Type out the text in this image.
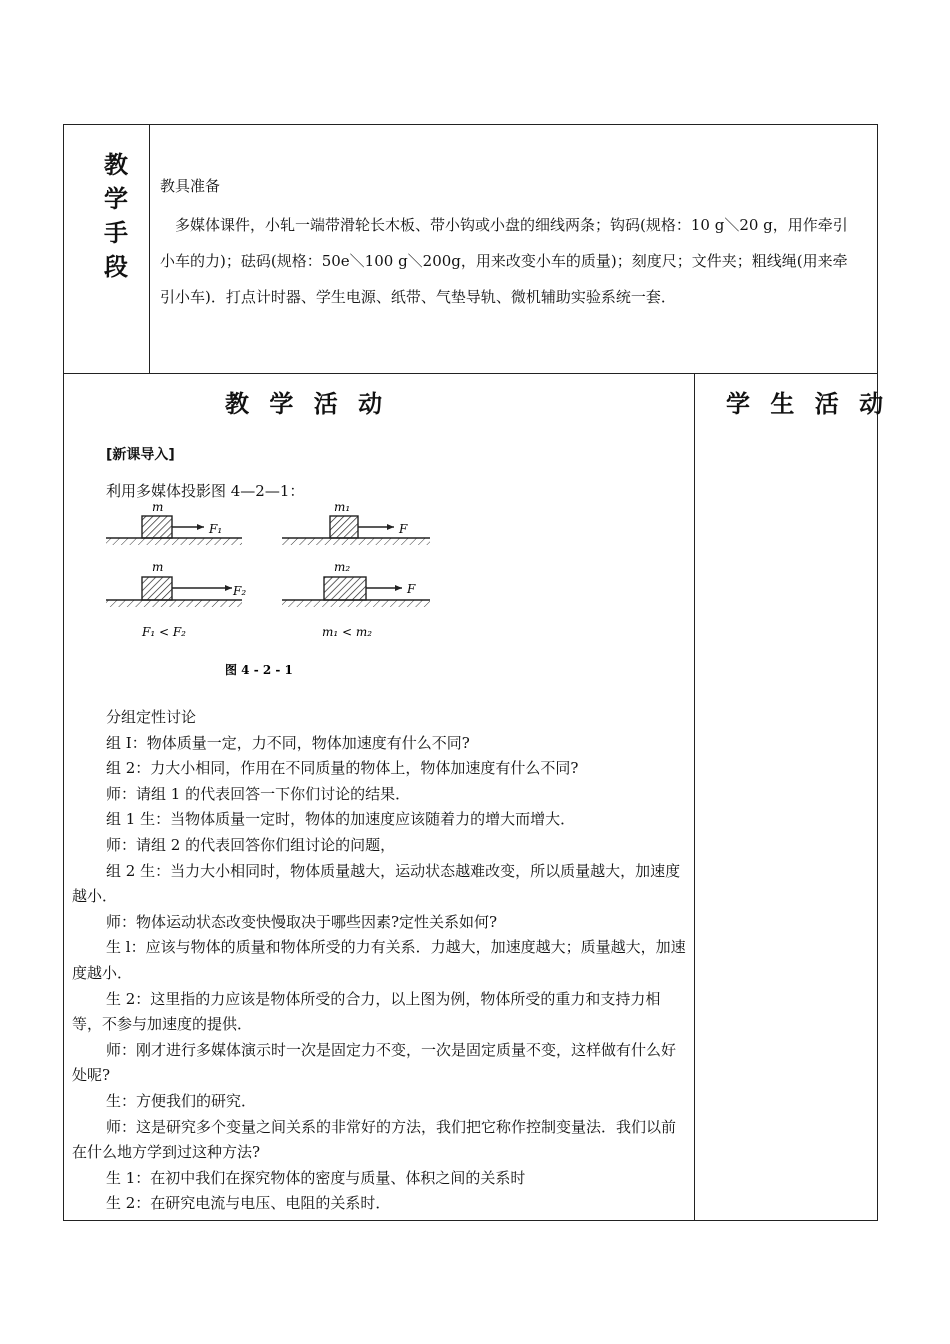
教
学
手
段
教具准备
多媒体课件，小轧一端带滑轮长木板、带小钩或小盘的细线两条；钩码(规格：10 g＼20 g，用作牵引小车的力)；砝码(规格：50e＼100 g＼200g，用来改变小车的质量)；刻度尺；文件夹；粗线绳(用来牵引小车)．打点计时器、学生电源、纸带、气垫导轨、微机辅助实验系统一套．
教 学 活 动	学 生 活 动
[新课导入]
利用多媒体投影图 4—2—1：
m
F₁
m₁
F
m
F₂
m₂
F
F₁ < F₂	m₁ < m₂
图 4 - 2 - 1

分组定性讨论

组 I：物体质量一定，力不同，物体加速度有什么不同?

组 2：力大小相同，作用在不同质量的物体上，物体加速度有什么不同?

师：请组 1 的代表回答一下你们讨论的结果．

组 1 生：当物体质量一定时，物体的加速度应该随着力的增大而增大．

师：请组 2 的代表回答你们组讨论的问题，

组 2 生：当力大小相同时，物体质量越大，运动状态越难改变，所以质量越大，加速度越小．

师：物体运动状态改变快慢取决于哪些因素?定性关系如何?

生 l：应该与物体的质量和物体所受的力有关系．力越大，加速度越大；质量越大，加速度越小．

生 2：这里指的力应该是物体所受的合力，以上图为例，物体所受的重力和支持力相等，不参与加速度的提供．

师：刚才进行多媒体演示时一次是固定力不变，一次是固定质量不变，这样做有什么好处呢?

生：方便我们的研究．

师：这是研究多个变量之间关系的非常好的方法，我们把它称作控制变量法．我们以前在什么地方学到过这种方法?

生 1：在初中我们在探究物体的密度与质量、体积之间的关系时

生 2：在研究电流与电压、电阻的关系时．
